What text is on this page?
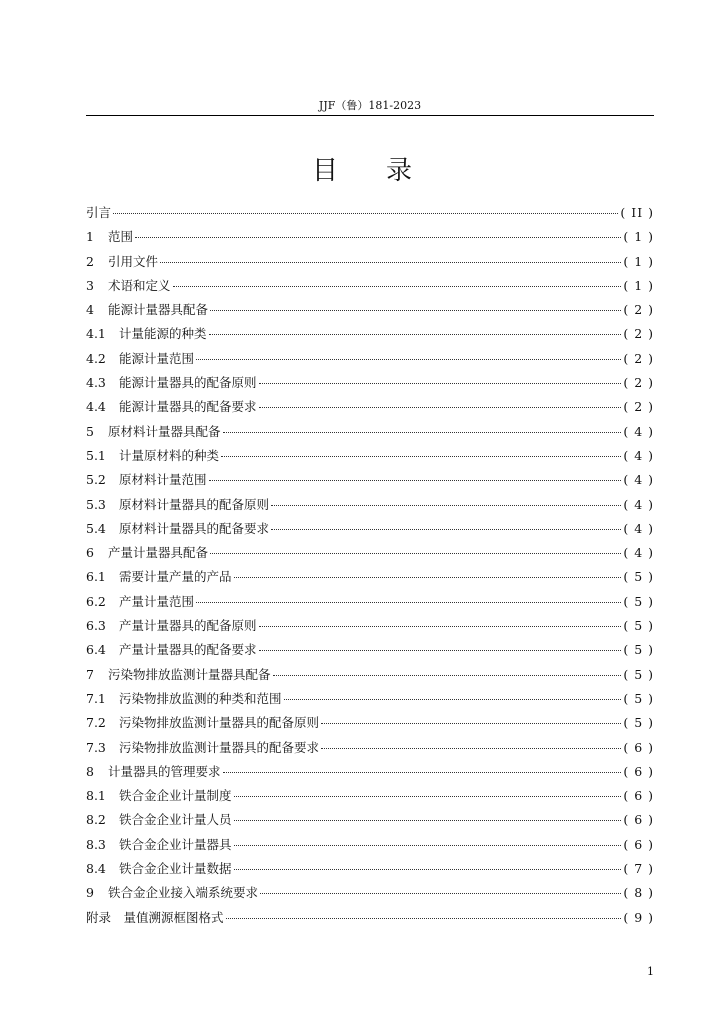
JJF（鲁）181-2023
目录
引言	( II )
1	范围	( 1 )
2	引用文件	( 1 )
3	术语和定义	( 1 )
4	能源计量器具配备	( 2 )
4.1	计量能源的种类	( 2 )
4.2	能源计量范围	( 2 )
4.3	能源计量器具的配备原则	( 2 )
4.4	能源计量器具的配备要求	( 2 )
5	原材料计量器具配备	( 4 )
5.1	计量原材料的种类	( 4 )
5.2	原材料计量范围	( 4 )
5.3	原材料计量器具的配备原则	( 4 )
5.4	原材料计量器具的配备要求	( 4 )
6	产量计量器具配备	( 4 )
6.1	需要计量产量的产品	( 5 )
6.2	产量计量范围	( 5 )
6.3	产量计量器具的配备原则	( 5 )
6.4	产量计量器具的配备要求	( 5 )
7	污染物排放监测计量器具配备	( 5 )
7.1	污染物排放监测的种类和范围	( 5 )
7.2	污染物排放监测计量器具的配备原则	( 5 )
7.3	污染物排放监测计量器具的配备要求	( 6 )
8	计量器具的管理要求	( 6 )
8.1	铁合金企业计量制度	( 6 )
8.2	铁合金企业计量人员	( 6 )
8.3	铁合金企业计量器具	( 6 )
8.4	铁合金企业计量数据	( 7 )
9	铁合金企业接入端系统要求	( 8 )
附录　量值溯源框图格式	( 9 )
1
